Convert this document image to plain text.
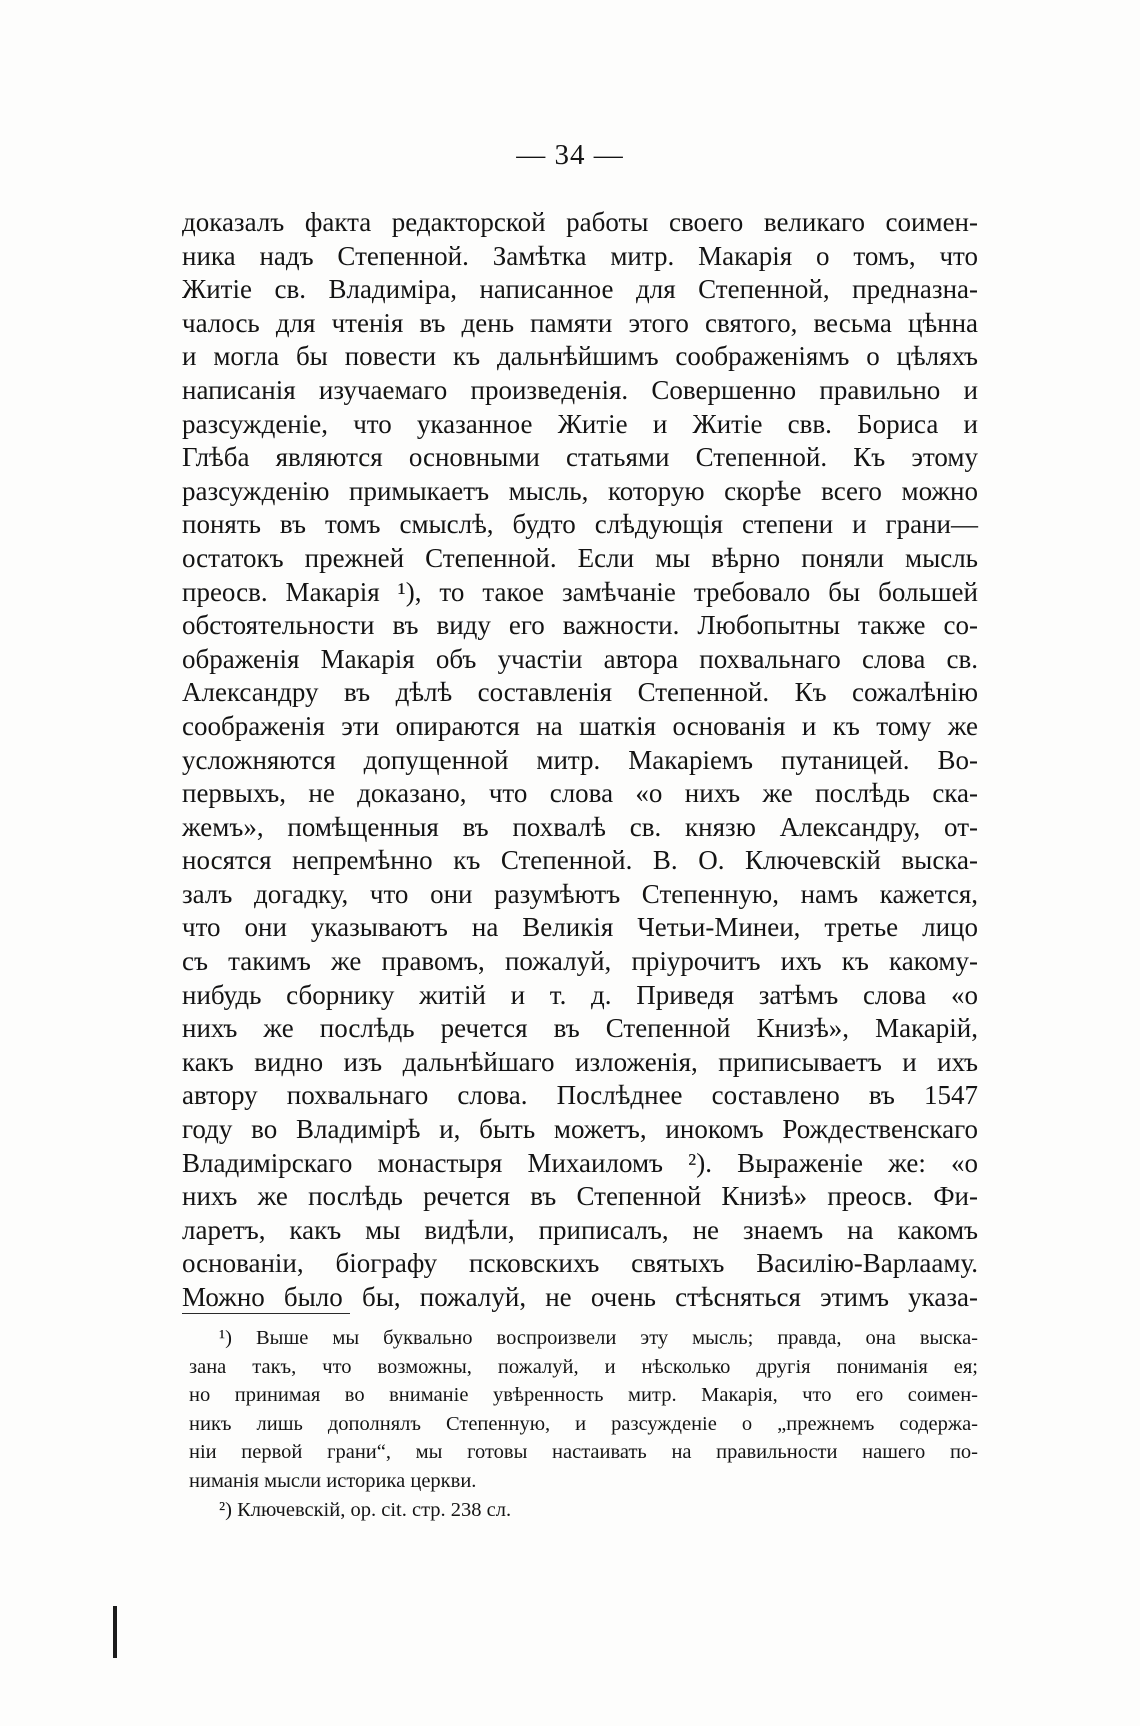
— 34 —
доказалъ факта редакторской работы своего великаго соимен-
ника надъ Степенной. Замѣтка митр. Макарія о томъ, что
Житіе св. Владиміра, написанное для Степенной, предназна-
чалось для чтенія въ день памяти этого святого, весьма цѣнна
и могла бы повести къ дальнѣйшимъ соображеніямъ о цѣляхъ
написанія изучаемаго произведенія. Совершенно правильно и
разсужденіе, что указанное Житіе и Житіе свв. Бориса и
Глѣба являются основными статьями Степенной. Къ этому
разсужденію примыкаетъ мысль, которую скорѣе всего можно
понять въ томъ смыслѣ, будто слѣдующія степени и грани—
остатокъ прежней Степенной. Если мы вѣрно поняли мысль
преосв. Макарія ¹), то такое замѣчаніе требовало бы большей
обстоятельности въ виду его важности. Любопытны также со-
ображенія Макарія объ участіи автора похвальнаго слова св.
Александру въ дѣлѣ составленія Степенной. Къ сожалѣнію
соображенія эти опираются на шаткія основанія и къ тому же
усложняются допущенной митр. Макаріемъ путаницей. Во-
первыхъ, не доказано, что слова «о нихъ же послѣдь ска-
жемъ», помѣщенныя въ похвалѣ св. князю Александру, от-
носятся непремѣнно къ Степенной. В. О. Ключевскій выска-
залъ догадку, что они разумѣютъ Степенную, намъ кажется,
что они указываютъ на Великія Четьи-Минеи, третье лицо
съ такимъ же правомъ, пожалуй, пріурочитъ ихъ къ какому-
нибудь сборнику житій и т. д. Приведя затѣмъ слова «о
нихъ же послѣдь речется въ Степенной Книзѣ», Макарій,
какъ видно изъ дальнѣйшаго изложенія, приписываетъ и ихъ
автору похвальнаго слова. Послѣднее составлено въ 1547
году во Владимірѣ и, быть можетъ, инокомъ Рождественскаго
Владимірскаго монастыря Михаиломъ ²). Выраженіе же: «о
нихъ же послѣдь речется въ Степенной Книзѣ» преосв. Фи-
ларетъ, какъ мы видѣли, приписалъ, не знаемъ на какомъ
основаніи, біографу псковскихъ святыхъ Василію-Варлааму.
Можно было бы, пожалуй, не очень стѣсняться этимъ указа-
¹) Выше мы буквально воспроизвели эту мысль; правда, она выска-
зана такъ, что возможны, пожалуй, и нѣсколько другія пониманія ея;
но принимая во вниманіе увѣренность митр. Макарія, что его соимен-
никъ лишь дополнялъ Степенную, и разсужденіе о „прежнемъ содержа-
ніи первой грани“, мы готовы настаивать на правильности нашего по-
ниманія мысли историка церкви.
²) Ключевскій, op. cit. стр. 238 сл.
